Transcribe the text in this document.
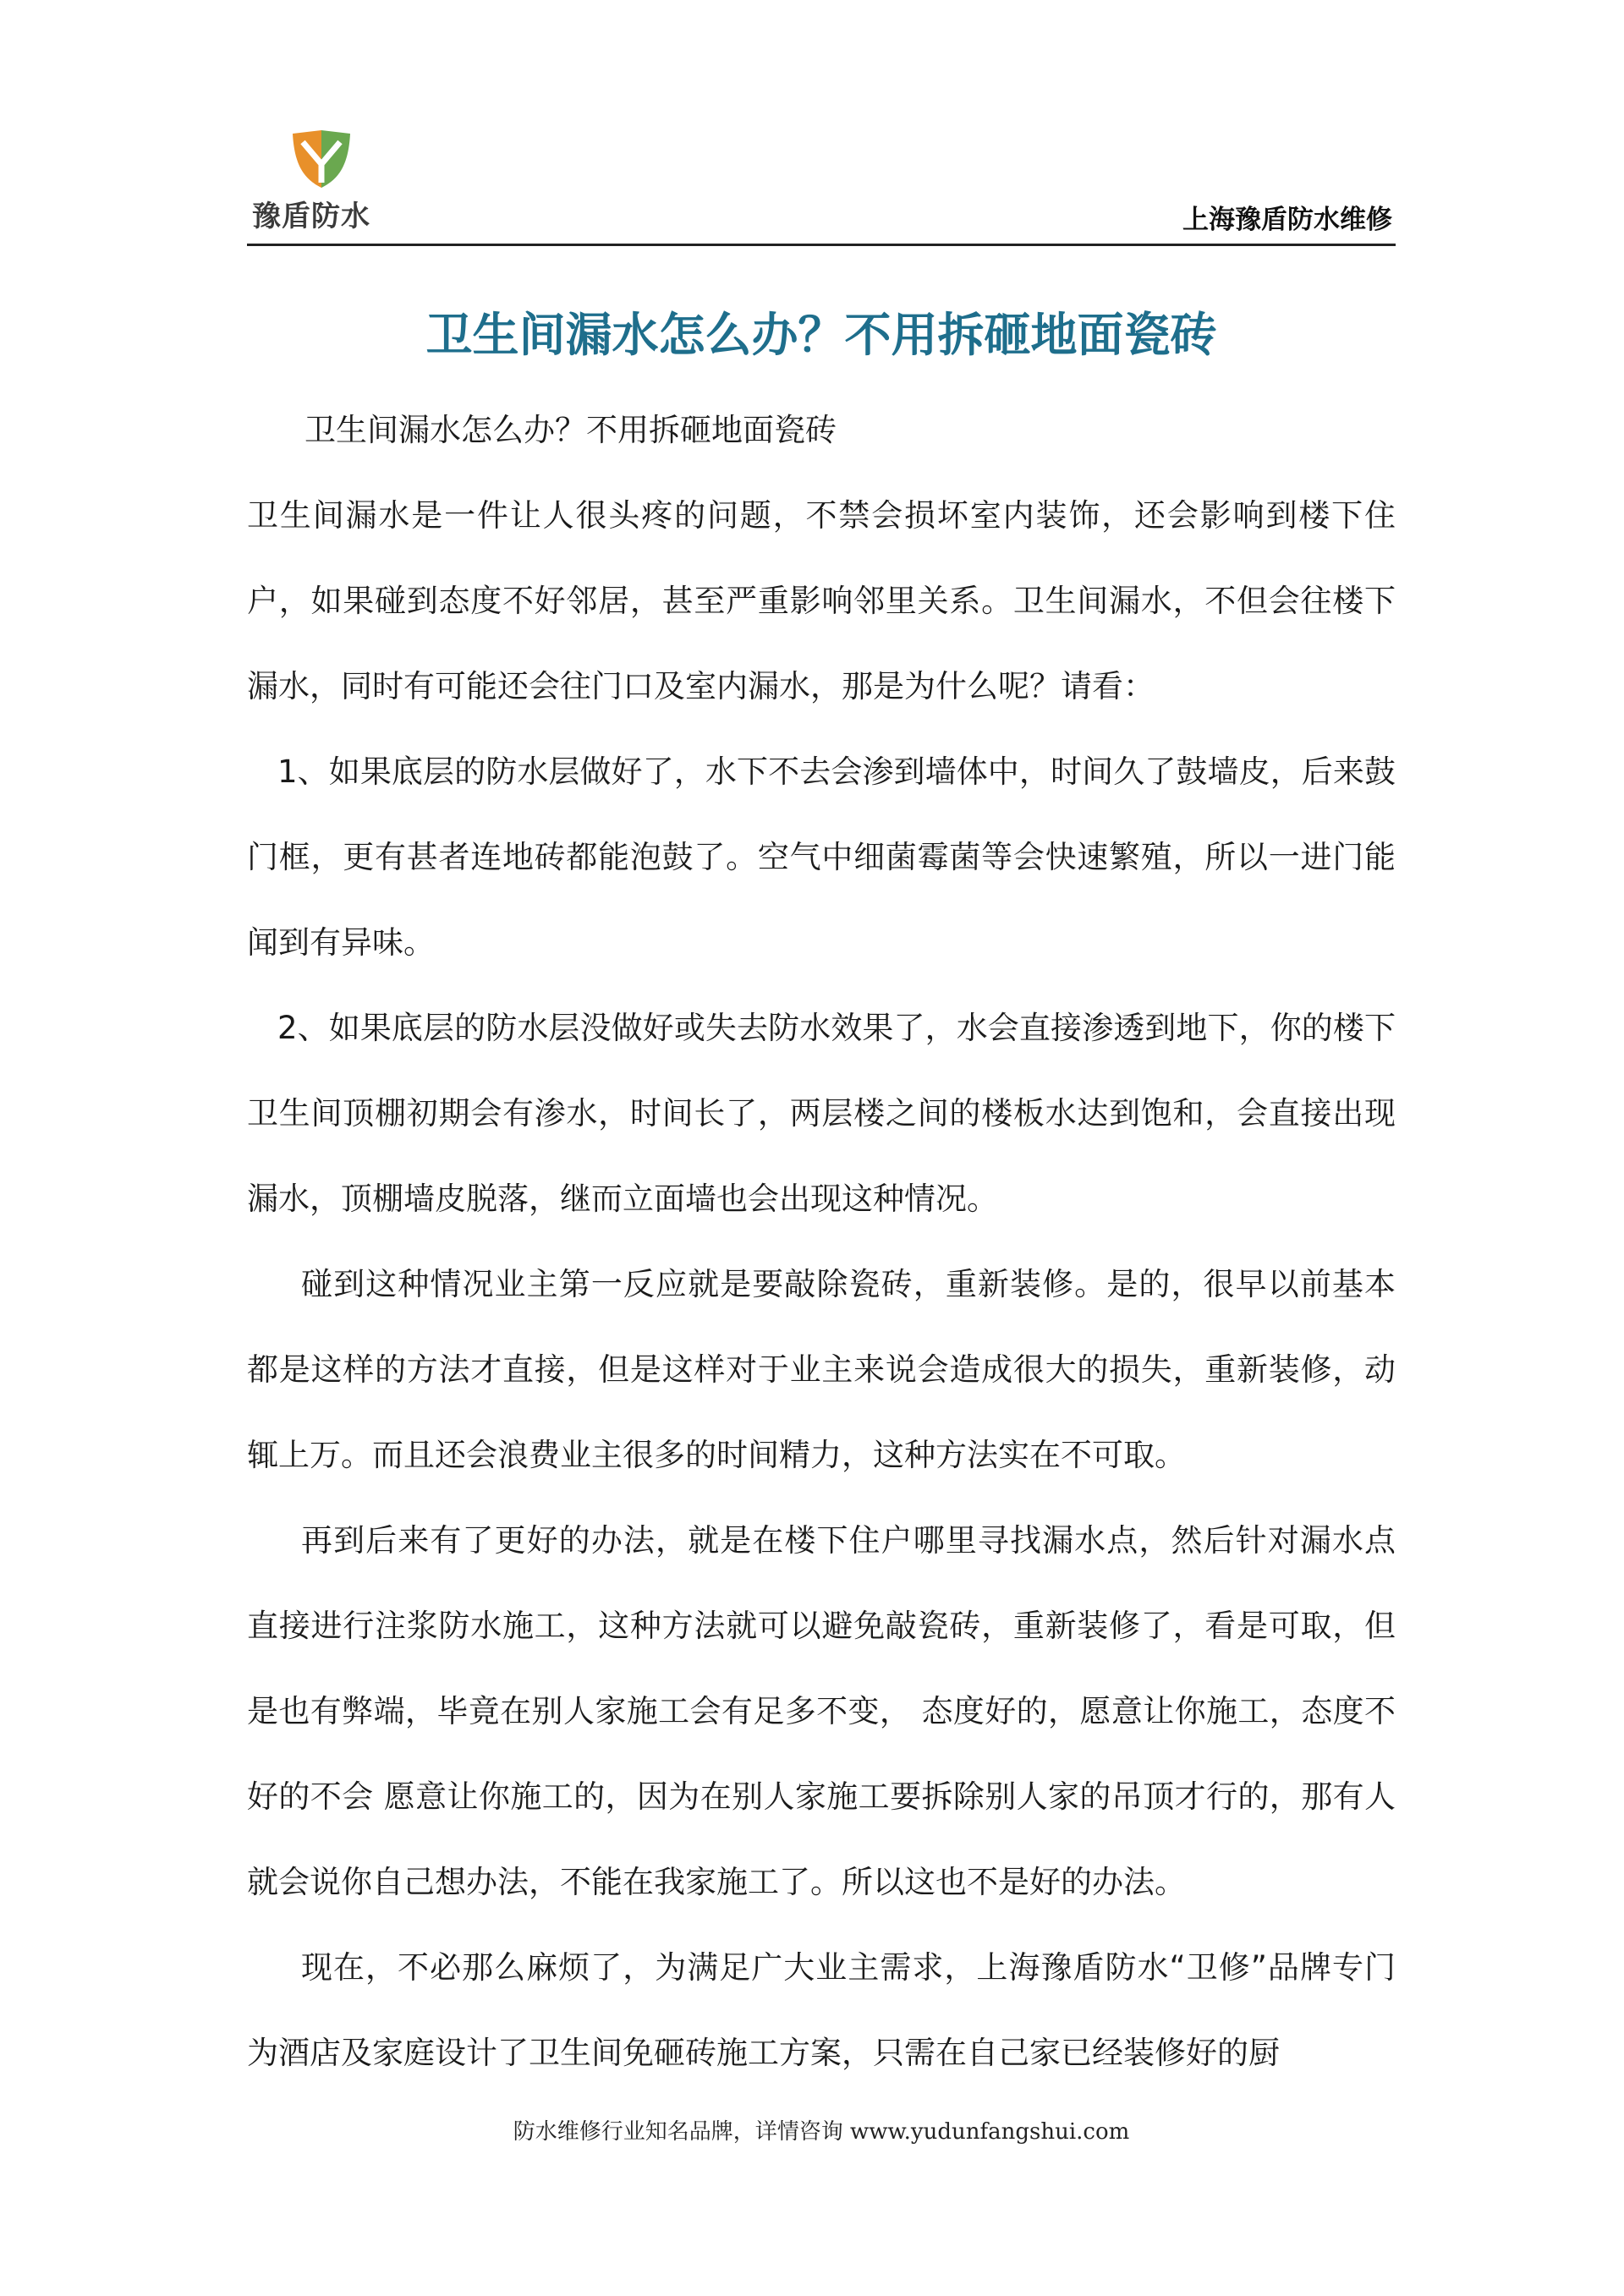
豫盾防水	上海豫盾防水维修
卫生间漏水怎么办？不用拆砸地面瓷砖

卫生间漏水怎么办？不用拆砸地面瓷砖

卫生间漏水是一件让人很头疼的问题，不禁会损坏室内装饰，还会影响到楼下住户，如果碰到态度不好邻居，甚至严重影响邻里关系。卫生间漏水，不但会往楼下漏水，同时有可能还会往门口及室内漏水，那是为什么呢？请看：

1、如果底层的防水层做好了，水下不去会渗到墙体中，时间久了鼓墙皮，后来鼓门框，更有甚者连地砖都能泡鼓了。空气中细菌霉菌等会快速繁殖，所以一进门能闻到有异味。

2、如果底层的防水层没做好或失去防水效果了，水会直接渗透到地下，你的楼下卫生间顶棚初期会有渗水，时间长了，两层楼之间的楼板水达到饱和，会直接出现漏水，顶棚墙皮脱落，继而立面墙也会出现这种情况。

碰到这种情况业主第一反应就是要敲除瓷砖，重新装修。是的，很早以前基本都是这样的方法才直接，但是这样对于业主来说会造成很大的损失，重新装修，动辄上万。而且还会浪费业主很多的时间精力，这种方法实在不可取。

再到后来有了更好的办法，就是在楼下住户哪里寻找漏水点，然后针对漏水点直接进行注浆防水施工，这种方法就可以避免敲瓷砖，重新装修了，看是可取，但是也有弊端，毕竟在别人家施工会有足多不变， 态度好的，愿意让你施工，态度不好的不会 愿意让你施工的，因为在别人家施工要拆除别人家的吊顶才行的，那有人就会说你自己想办法，不能在我家施工了。所以这也不是好的办法。

现在，不必那么麻烦了，为满足广大业主需求，上海豫盾防水“卫修”品牌专门为酒店及家庭设计了卫生间免砸砖施工方案，只需在自己家已经装修好的厨

防水维修行业知名品牌，详情咨询 www.yudunfangshui.com
